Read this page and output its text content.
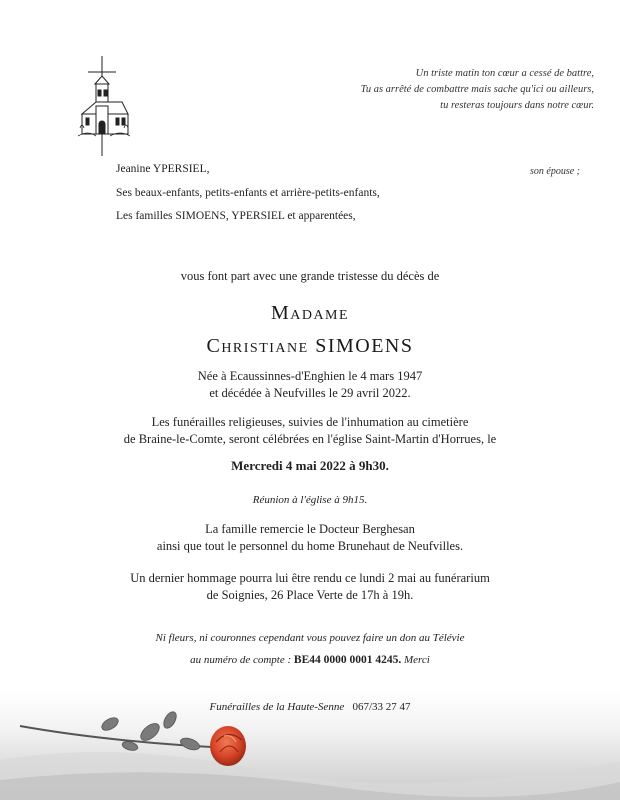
Un triste matin ton cœur a cessé de battre,
Tu as arrêté de combattre mais sache qu'ici ou ailleurs,
tu resteras toujours dans notre cœur.
Jeanine YPERSIEL,	son épouse ;
Ses beaux-enfants, petits-enfants et arrière-petits-enfants,
Les familles SIMOENS, YPERSIEL et apparentées,
vous font part avec une grande tristesse du décès de
Madame
Christiane SIMOENS
Née à Ecaussinnes-d'Enghien le 4 mars 1947
et décédée à Neufvilles le 29 avril 2022.
Les funérailles religieuses, suivies de l'inhumation au cimetière
de Braine-le-Comte, seront célébrées en l'église Saint-Martin d'Horrues, le
Mercredi 4 mai 2022 à 9h30.
Réunion à l'église à 9h15.
La famille remercie le Docteur Berghesan
ainsi que tout le personnel du home Brunehaut de Neufvilles.
Un dernier hommage pourra lui être rendu ce lundi 2 mai au funérarium
de Soignies, 26 Place Verte de 17h à 19h.
Ni fleurs, ni couronnes cependant vous pouvez faire un don au Télévie
au numéro de compte : BE44 0000 0001 4245. Merci
Funérailles de la Haute-Senne 067/33 27 47
